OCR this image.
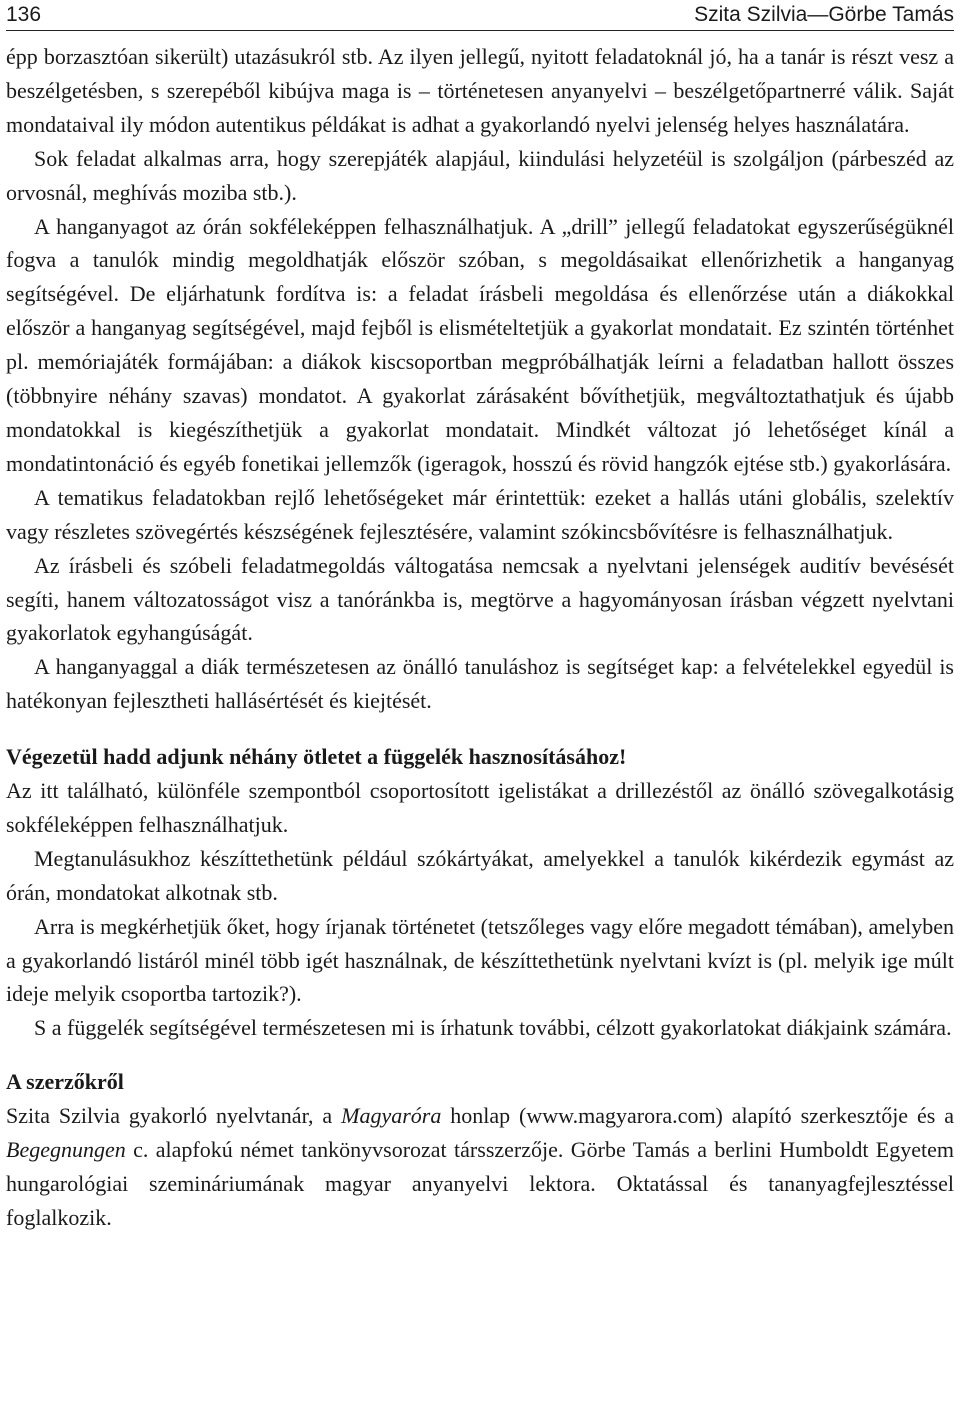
136	Szita Szilvia—Görbe Tamás

épp borzasztóan sikerült) utazásukról stb. Az ilyen jellegű, nyitott feladatoknál jó, ha a tanár is részt vesz a beszélgetésben, s szerepéből kibújva maga is – történetesen anyanyelvi – beszélgetőpartnerré válik. Saját mondataival ily módon autentikus példákat is adhat a gyakorlandó nyelvi jelenség helyes használatára.

Sok feladat alkalmas arra, hogy szerepjáték alapjául, kiindulási helyzetéül is szolgáljon (párbeszéd az orvosnál, meghívás moziba stb.).

A hanganyagot az órán sokféleképpen felhasználhatjuk. A „drill” jellegű feladatokat egyszerűségüknél fogva a tanulók mindig megoldhatják először szóban, s megoldásaikat ellenőrizhetik a hanganyag segítségével. De eljárhatunk fordítva is: a feladat írásbeli megoldása és ellenőrzése után a diákokkal először a hanganyag segítségével, majd fejből is elismételtetjük a gyakorlat mondatait. Ez szintén történhet pl. memóriajáték formájában: a diákok kiscsoportban megpróbálhatják leírni a feladatban hallott összes (többnyire néhány szavas) mondatot. A gyakorlat zárásaként bővíthetjük, megváltoztathatjuk és újabb mondatokkal is kiegészíthetjük a gyakorlat mondatait. Mindkét változat jó lehetőséget kínál a mondatintonáció és egyéb fonetikai jellemzők (igeragok, hosszú és rövid hangzók ejtése stb.) gyakorlására.

A tematikus feladatokban rejlő lehetőségeket már érintettük: ezeket a hallás utáni globális, szelektív vagy részletes szövegértés készségének fejlesztésére, valamint szókincsbővítésre is felhasználhatjuk.

Az írásbeli és szóbeli feladatmegoldás váltogatása nemcsak a nyelvtani jelenségek auditív bevésését segíti, hanem változatosságot visz a tanóránkba is, megtörve a hagyományosan írásban végzett nyelvtani gyakorlatok egyhangúságát.

A hanganyaggal a diák természetesen az önálló tanuláshoz is segítséget kap: a felvételekkel egyedül is hatékonyan fejlesztheti hallásértését és kiejtését.

Végezetül hadd adjunk néhány ötletet a függelék hasznosításához!

Az itt található, különféle szempontból csoportosított igelistákat a drillezéstől az önálló szövegalkotásig sokféleképpen felhasználhatjuk.

Megtanulásukhoz készíttethetünk például szókártyákat, amelyekkel a tanulók kikérdezik egymást az órán, mondatokat alkotnak stb.

Arra is megkérhetjük őket, hogy írjanak történetet (tetszőleges vagy előre megadott témában), amelyben a gyakorlandó listáról minél több igét használnak, de készíttethetünk nyelvtani kvízt is (pl. melyik ige múlt ideje melyik csoportba tartozik?).

S a függelék segítségével természetesen mi is írhatunk további, célzott gyakorlatokat diákjaink számára.

A szerzőkről

Szita Szilvia gyakorló nyelvtanár, a Magyaróra honlap (www.magyarora.com) alapító szerkesztője és a Begegnungen c. alapfokú német tankönyvsorozat társszerzője. Görbe Tamás a berlini Humboldt Egyetem hungarológiai szemináriumának magyar anyanyelvi lektora. Oktatással és tananyagfejlesztéssel foglalkozik.
